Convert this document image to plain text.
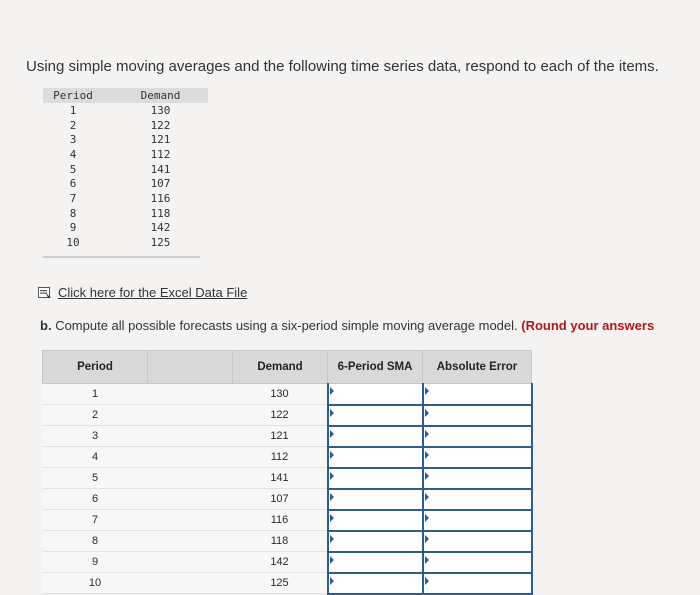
Using simple moving averages and the following time series data, respond to each of the items.
Period	Demand
1	130
2	122
3	121
4	112
5	141
6	107
7	116
8	118
9	142
10	125
Click here for the Excel Data File
b. Compute all possible forecasts using a six-period simple moving average model. (Round your answers
Period		Demand	6-Period SMA	Absolute Error
1		130	

2		122	

3		121	

4		112	

5		141	

6		107	

7		116	

8		118	

9		142	

10		125	
